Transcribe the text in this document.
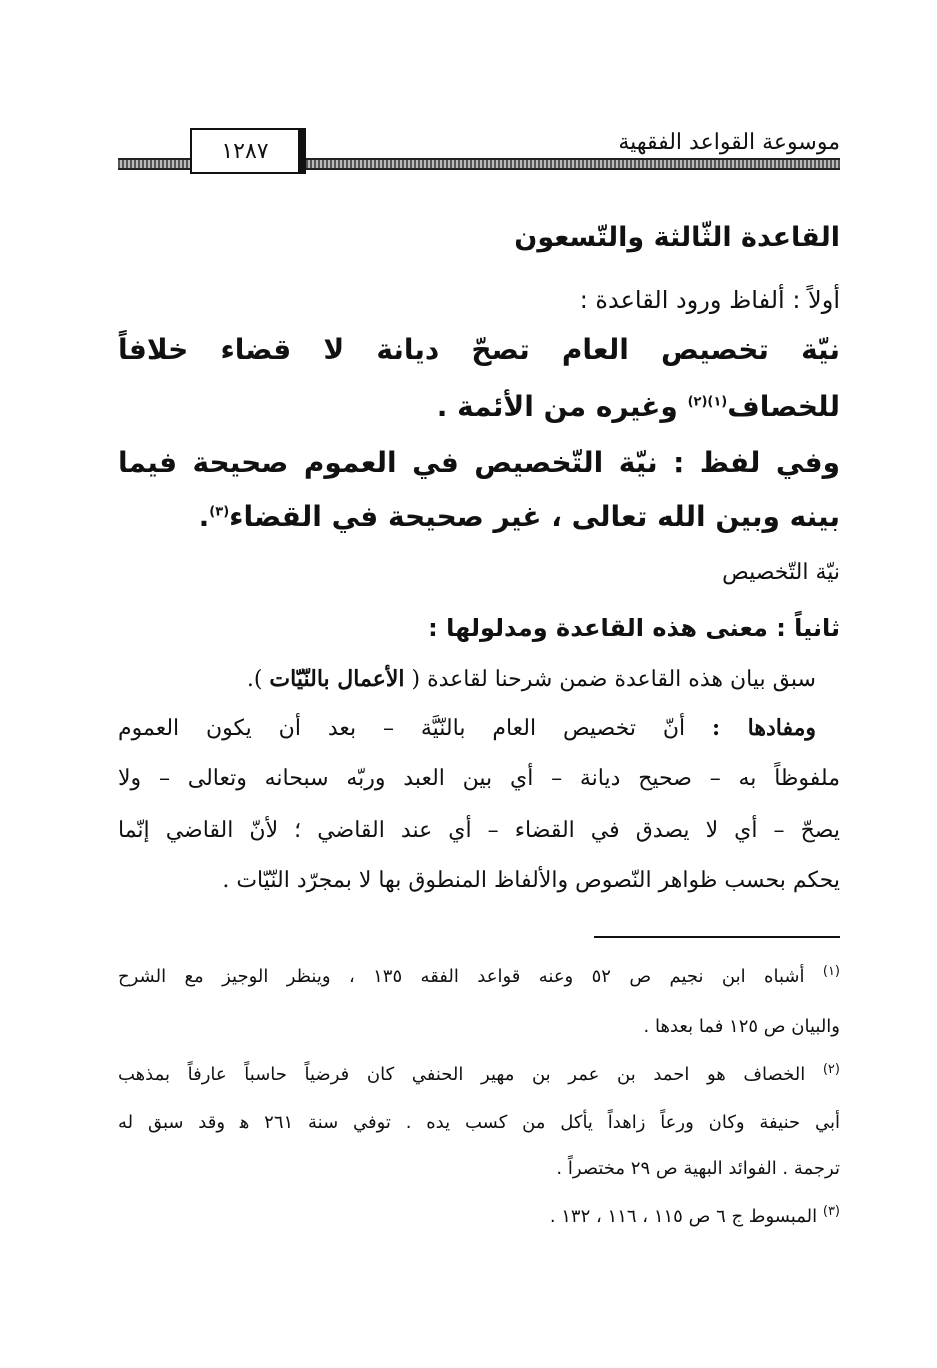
١٢٨٧	موسوعة القواعد الفقهية
القاعدة الثّالثة والتّسعون
أولاً : ألفاظ ورود القاعدة :
نيّة تخصيص العام تصحّ ديانة لا قضاء خلافاً
للخصاف$^{(١)(٢)}$ وغيره من الأئمة .
وفي لفظ : نيّة التّخصيص في العموم صحيحة فيما
بينه وبين الله تعالى ، غير صحيحة في القضاء$^{(٣)}$.
نيّة التّخصيص
ثانياً : معنى هذه القاعدة ومدلولها :
سبق بيان هذه القاعدة ضمن شرحنا لقاعدة ( الأعمال بالنّيّات ).
ومفادها : أنّ تخصيص العام بالنّيَّة – بعد أن يكون العموم
ملفوظاً به – صحيح ديانة – أي بين العبد وربّه سبحانه وتعالى – ولا
يصحّ – أي لا يصدق في القضاء – أي عند القاضي ؛ لأنّ القاضي إنّما
يحكم بحسب ظواهر النّصوص والألفاظ المنطوق بها لا بمجرّد النّيّات .
$^{(١)}$ أشباه ابن نجيم ص ٥٢ وعنه قواعد الفقه ١٣٥ ، وينظر الوجيز مع الشرح
والبيان ص ١٢٥ فما بعدها .
$^{(٢)}$ الخصاف هو احمد بن عمر بن مهير الحنفي كان فرضياً حاسباً عارفاً بمذهب
أبي حنيفة وكان ورعاً زاهداً يأكل من كسب يده . توفي سنة ٢٦١ ﻫ وقد سبق له
ترجمة . الفوائد البهية ص ٢٩ مختصراً .
$^{(٣)}$ المبسوط ج ٦ ص ١١٥ ، ١١٦ ، ١٣٢ .
